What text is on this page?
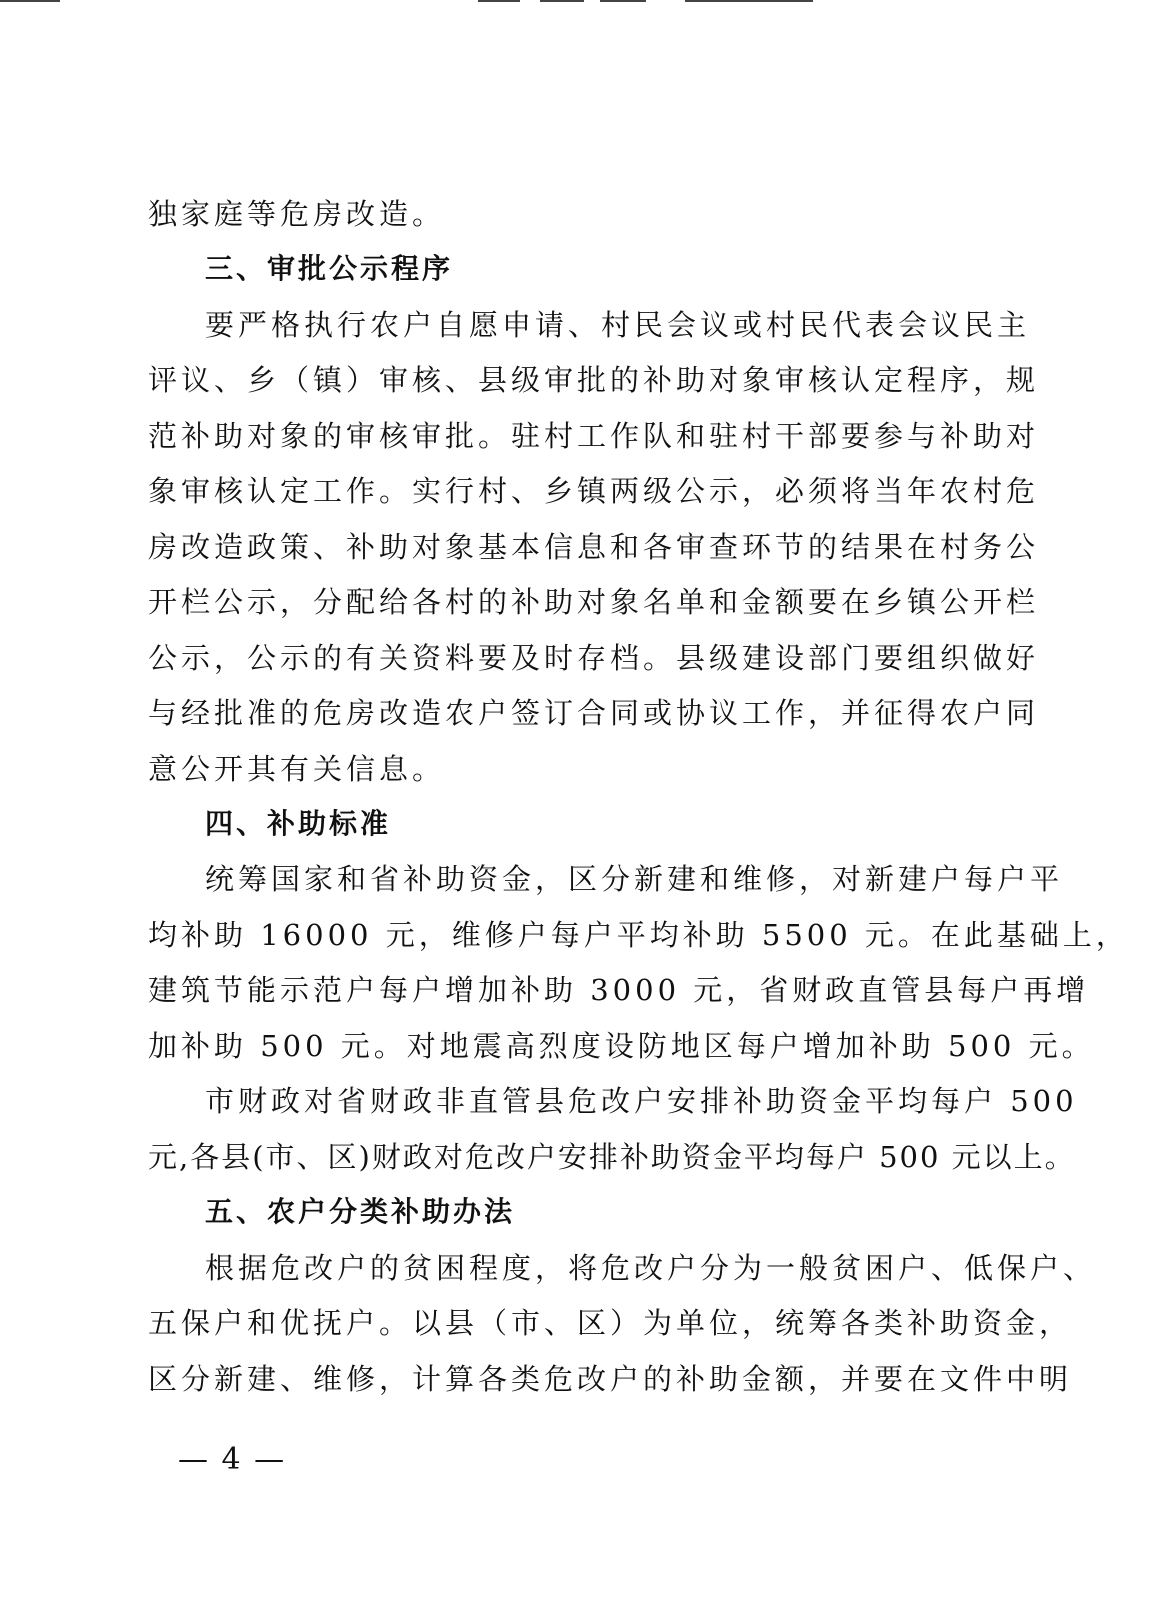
独家庭等危房改造。
三、审批公示程序
要严格执行农户自愿申请、村民会议或村民代表会议民主
评议、乡（镇）审核、县级审批的补助对象审核认定程序，规
范补助对象的审核审批。驻村工作队和驻村干部要参与补助对
象审核认定工作。实行村、乡镇两级公示，必须将当年农村危
房改造政策、补助对象基本信息和各审查环节的结果在村务公
开栏公示，分配给各村的补助对象名单和金额要在乡镇公开栏
公示，公示的有关资料要及时存档。县级建设部门要组织做好
与经批准的危房改造农户签订合同或协议工作，并征得农户同
意公开其有关信息。
四、补助标准
统筹国家和省补助资金，区分新建和维修，对新建户每户平
均补助 16000 元，维修户每户平均补助 5500 元。在此基础上，
建筑节能示范户每户增加补助 3000 元，省财政直管县每户再增
加补助 500 元。对地震高烈度设防地区每户增加补助 500 元。
市财政对省财政非直管县危改户安排补助资金平均每户 500
元,各县(市、区)财政对危改户安排补助资金平均每户 500 元以上。
五、农户分类补助办法
根据危改户的贫困程度，将危改户分为一般贫困户、低保户、
五保户和优抚户。以县（市、区）为单位，统筹各类补助资金，
区分新建、维修，计算各类危改户的补助金额，并要在文件中明
— 4 —
